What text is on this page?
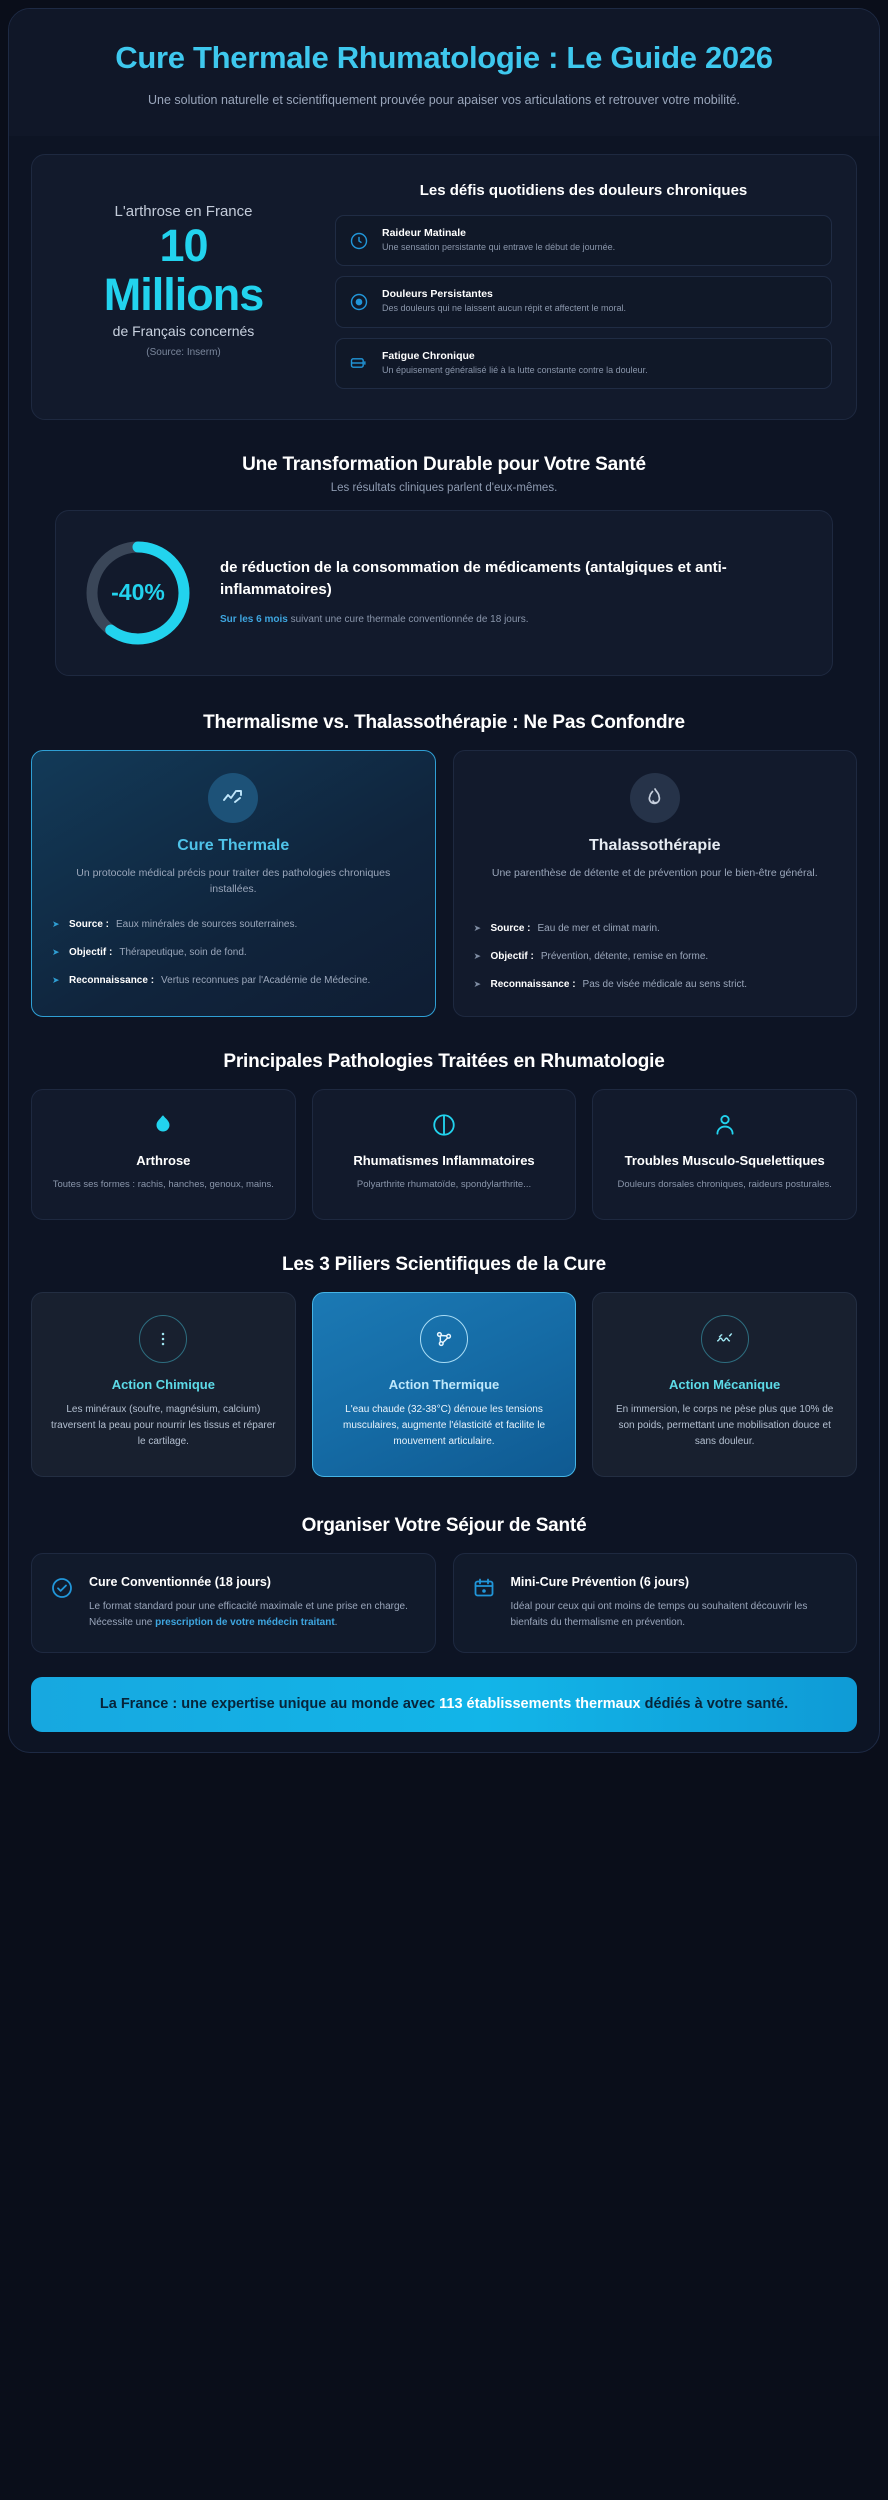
Cure Thermale Rhumatologie : Le Guide 2026

Une solution naturelle et scientifiquement prouvée pour apaiser vos articulations et retrouver votre mobilité.

L'arthrose en France
10
Millions
de Français concernés
(Source: Inserm)
Les défis quotidiens des douleurs chroniques
Raideur Matinale

Une sensation persistante qui entrave le début de journée.

Douleurs Persistantes

Des douleurs qui ne laissent aucun répit et affectent le moral.

Fatigue Chronique

Un épuisement généralisé lié à la lutte constante contre la douleur.

Une Transformation Durable pour Votre Santé
Les résultats cliniques parlent d'eux-mêmes.
-40%
de réduction de la consommation de médicaments (antalgiques et anti-inflammatoires)
Sur les 6 mois suivant une cure thermale conventionnée de 18 jours.
Thermalisme vs. Thalassothérapie : Ne Pas Confondre
Cure Thermale
Un protocole médical précis pour traiter des pathologies chroniques installées.
➤ Source : Eaux minérales de sources souterraines.
➤ Objectif : Thérapeutique, soin de fond.
➤ Reconnaissance : Vertus reconnues par l'Académie de Médecine.
Thalassothérapie
Une parenthèse de détente et de prévention pour le bien-être général.
➤ Source : Eau de mer et climat marin.
➤ Objectif : Prévention, détente, remise en forme.
➤ Reconnaissance : Pas de visée médicale au sens strict.
Principales Pathologies Traitées en Rhumatologie
Arthrose

Toutes ses formes : rachis, hanches, genoux, mains.

Rhumatismes Inflammatoires

Polyarthrite rhumatoïde, spondylarthrite...

Troubles Musculo-Squelettiques

Douleurs dorsales chroniques, raideurs posturales.

Les 3 Piliers Scientifiques de la Cure
Action Chimique

Les minéraux (soufre, magnésium, calcium) traversent la peau pour nourrir les tissus et réparer le cartilage.

Action Thermique

L'eau chaude (32-38°C) dénoue les tensions musculaires, augmente l'élasticité et facilite le mouvement articulaire.

Action Mécanique

En immersion, le corps ne pèse plus que 10% de son poids, permettant une mobilisation douce et sans douleur.

Organiser Votre Séjour de Santé
Cure Conventionnée (18 jours)

Le format standard pour une efficacité maximale et une prise en charge. Nécessite une prescription de votre médecin traitant.

Mini-Cure Prévention (6 jours)

Idéal pour ceux qui ont moins de temps ou souhaitent découvrir les bienfaits du thermalisme en prévention.

La France : une expertise unique au monde avec 113 établissements thermaux dédiés à votre santé.
